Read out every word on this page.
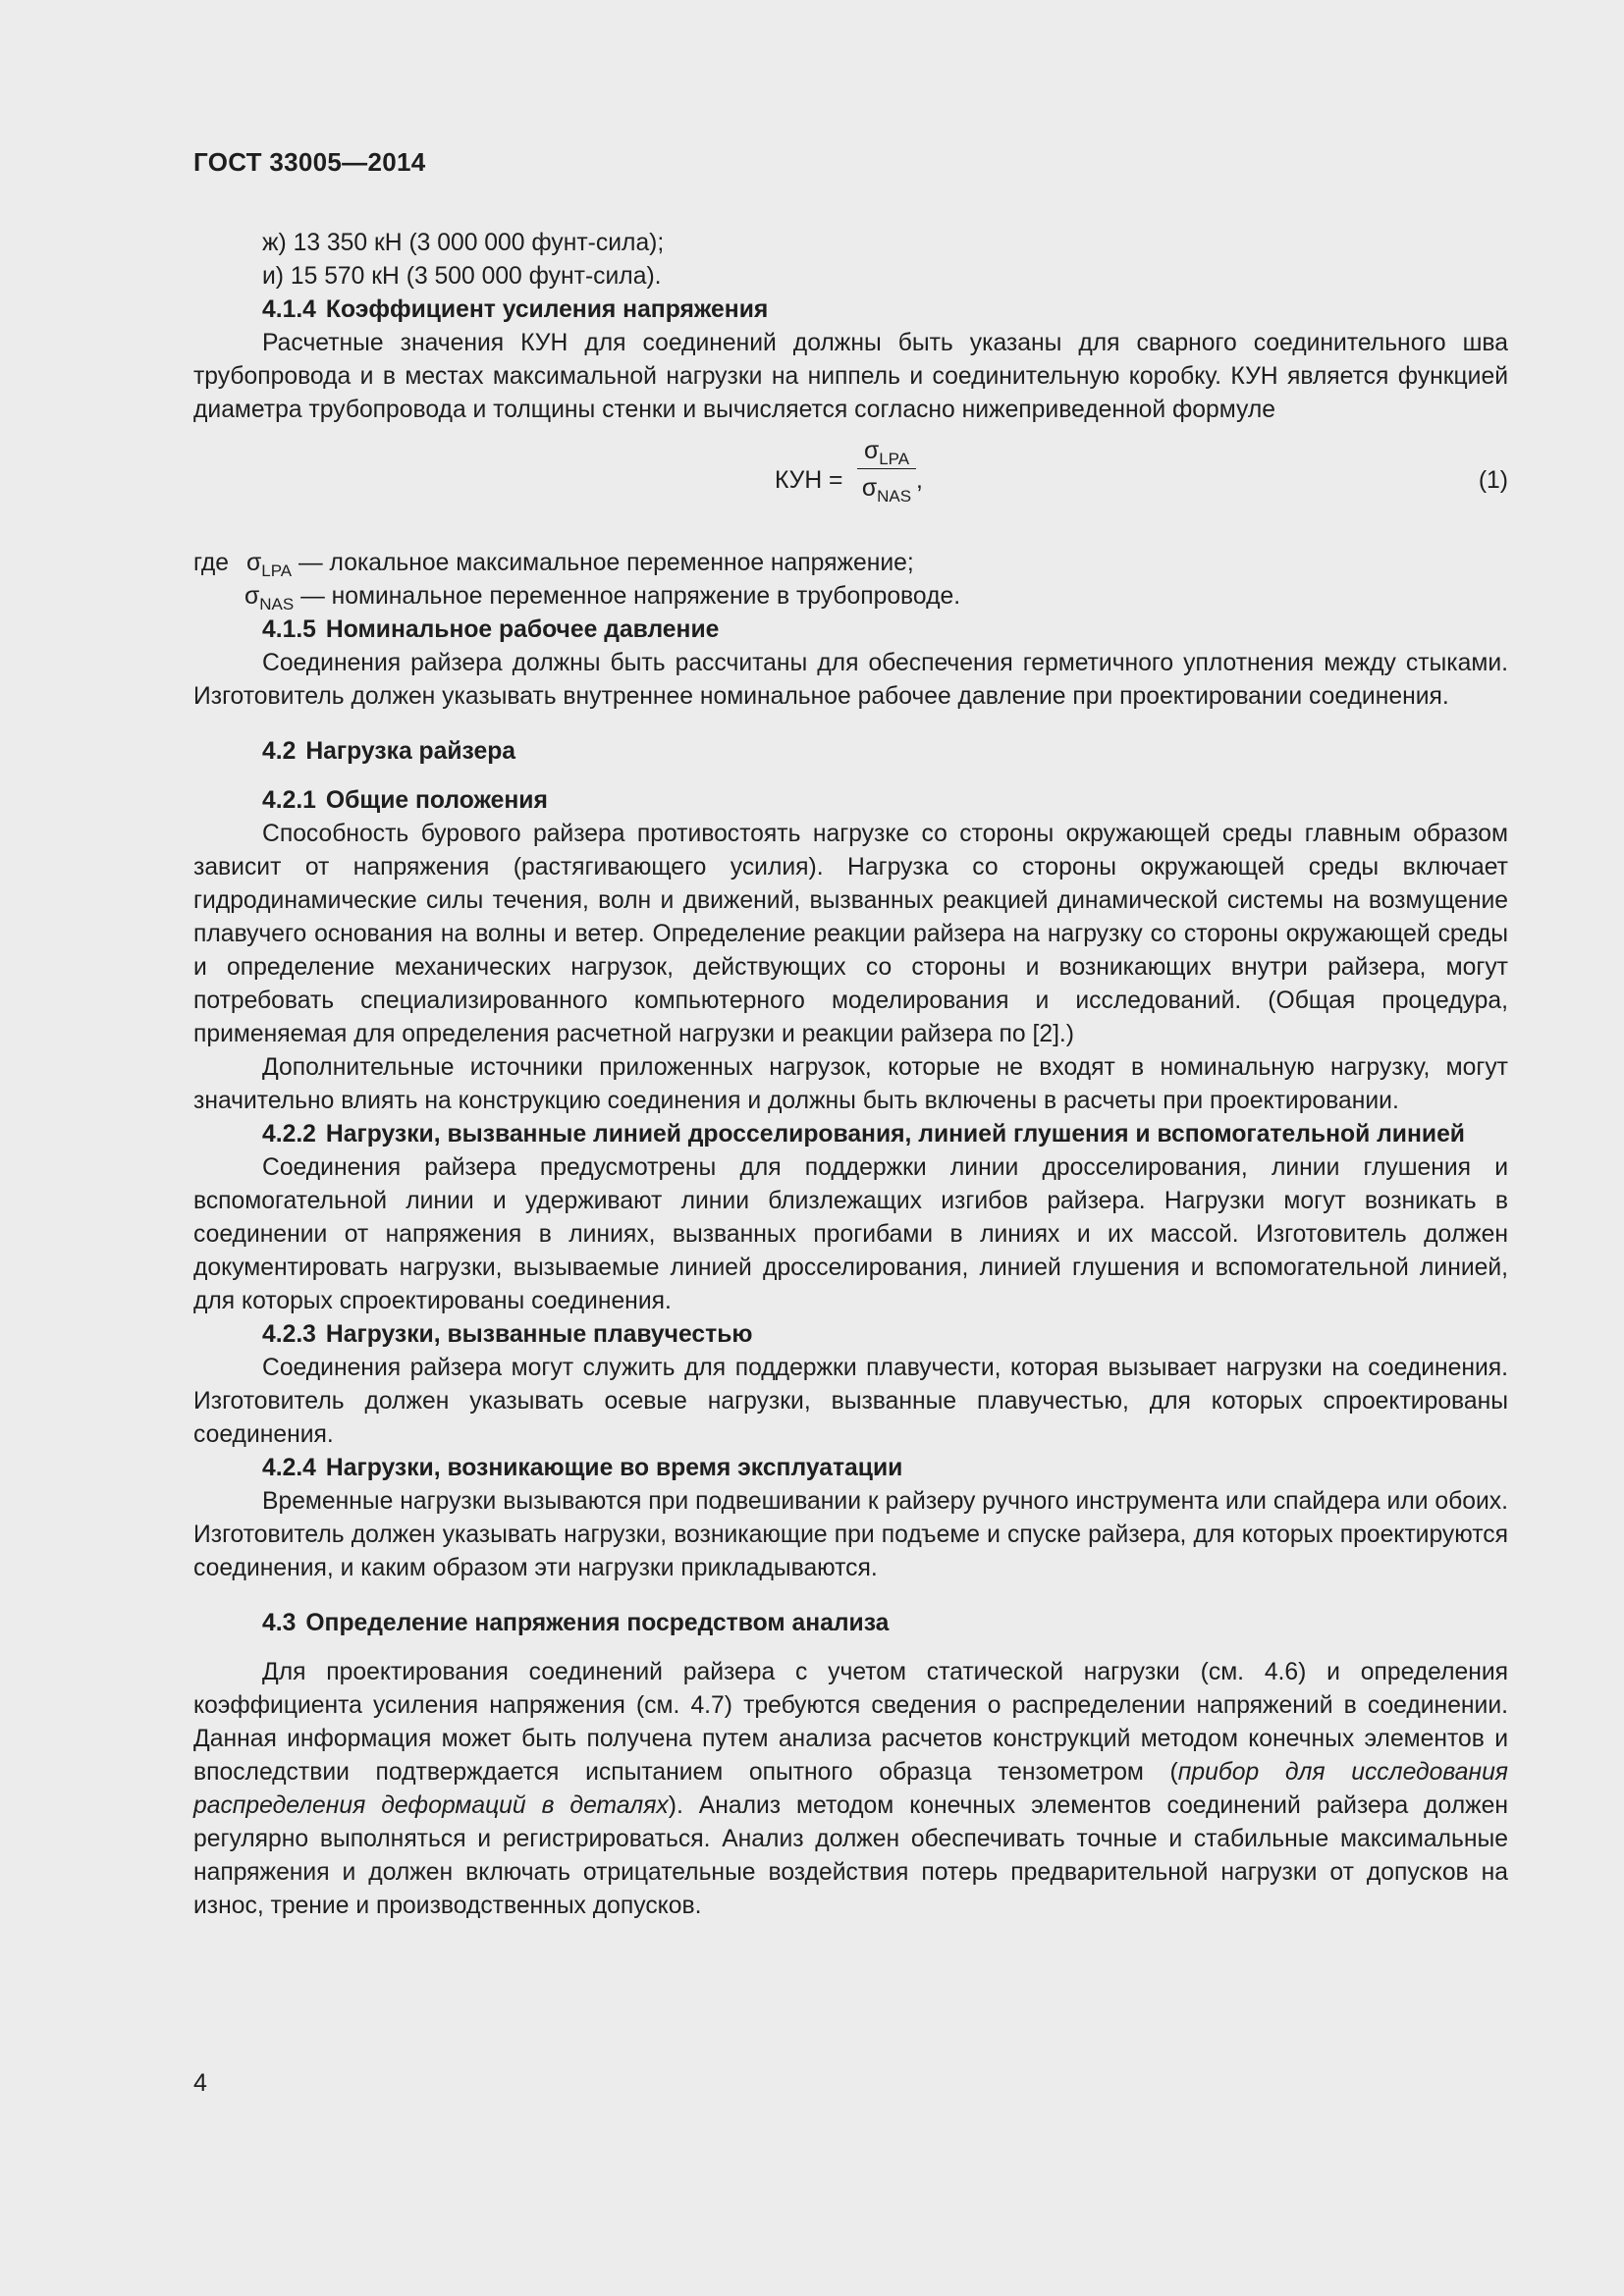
ГОСТ 33005—2014

ж) 13 350 кН (3 000 000 фунт-сила);

и) 15 570 кН (3 500 000 фунт-сила).

4.1.4 Коэффициент усиления напряжения

Расчетные значения КУН для соединений должны быть указаны для сварного соединительного шва трубопровода и в местах максимальной нагрузки на ниппель и соединительную коробку. КУН является функцией диаметра трубопровода и толщины стенки и вычисляется согласно нижеприведенной формуле

КУН =
$\sigma_{LPA}$
$\sigma_{NAS}$
,	(1)
где $\sigma_{LPA}$ — локальное максимальное переменное напряжение;
$\sigma_{NAS}$ — номинальное переменное напряжение в трубопроводе.

4.1.5 Номинальное рабочее давление

Соединения райзера должны быть рассчитаны для обеспечения герметичного уплотнения между стыками. Изготовитель должен указывать внутреннее номинальное рабочее давление при проектировании соединения.

4.2 Нагрузка райзера

4.2.1 Общие положения

Способность бурового райзера противостоять нагрузке со стороны окружающей среды главным образом зависит от напряжения (растягивающего усилия). Нагрузка со стороны окружающей среды включает гидродинамические силы течения, волн и движений, вызванных реакцией динамической системы на возмущение плавучего основания на волны и ветер. Определение реакции райзера на нагрузку со стороны окружающей среды и определение механических нагрузок, действующих со стороны и возникающих внутри райзера, могут потребовать специализированного компьютерного моделирования и исследований. (Общая процедура, применяемая для определения расчетной нагрузки и реакции райзера по [2].)

Дополнительные источники приложенных нагрузок, которые не входят в номинальную нагрузку, могут значительно влиять на конструкцию соединения и должны быть включены в расчеты при проектировании.

4.2.2 Нагрузки, вызванные линией дросселирования, линией глушения и вспомогательной линией

Соединения райзера предусмотрены для поддержки линии дросселирования, линии глушения и вспомогательной линии и удерживают линии близлежащих изгибов райзера. Нагрузки могут возникать в соединении от напряжения в линиях, вызванных прогибами в линиях и их массой. Изготовитель должен документировать нагрузки, вызываемые линией дросселирования, линией глушения и вспомогательной линией, для которых спроектированы соединения.

4.2.3 Нагрузки, вызванные плавучестью

Соединения райзера могут служить для поддержки плавучести, которая вызывает нагрузки на соединения. Изготовитель должен указывать осевые нагрузки, вызванные плавучестью, для которых спроектированы соединения.

4.2.4 Нагрузки, возникающие во время эксплуатации

Временные нагрузки вызываются при подвешивании к райзеру ручного инструмента или спайдера или обоих. Изготовитель должен указывать нагрузки, возникающие при подъеме и спуске райзера, для которых проектируются соединения, и каким образом эти нагрузки прикладываются.

4.3 Определение напряжения посредством анализа

Для проектирования соединений райзера с учетом статической нагрузки (см. 4.6) и определения коэффициента усиления напряжения (см. 4.7) требуются сведения о распределении напряжений в соединении. Данная информация может быть получена путем анализа расчетов конструкций методом конечных элементов и впоследствии подтверждается испытанием опытного образца тензометром (прибор для исследования распределения деформаций в деталях). Анализ методом конечных элементов соединений райзера должен регулярно выполняться и регистрироваться. Анализ должен обеспечивать точные и стабильные максимальные напряжения и должен включать отрицательные воздействия потерь предварительной нагрузки от допусков на износ, трение и производственных допусков.

4
